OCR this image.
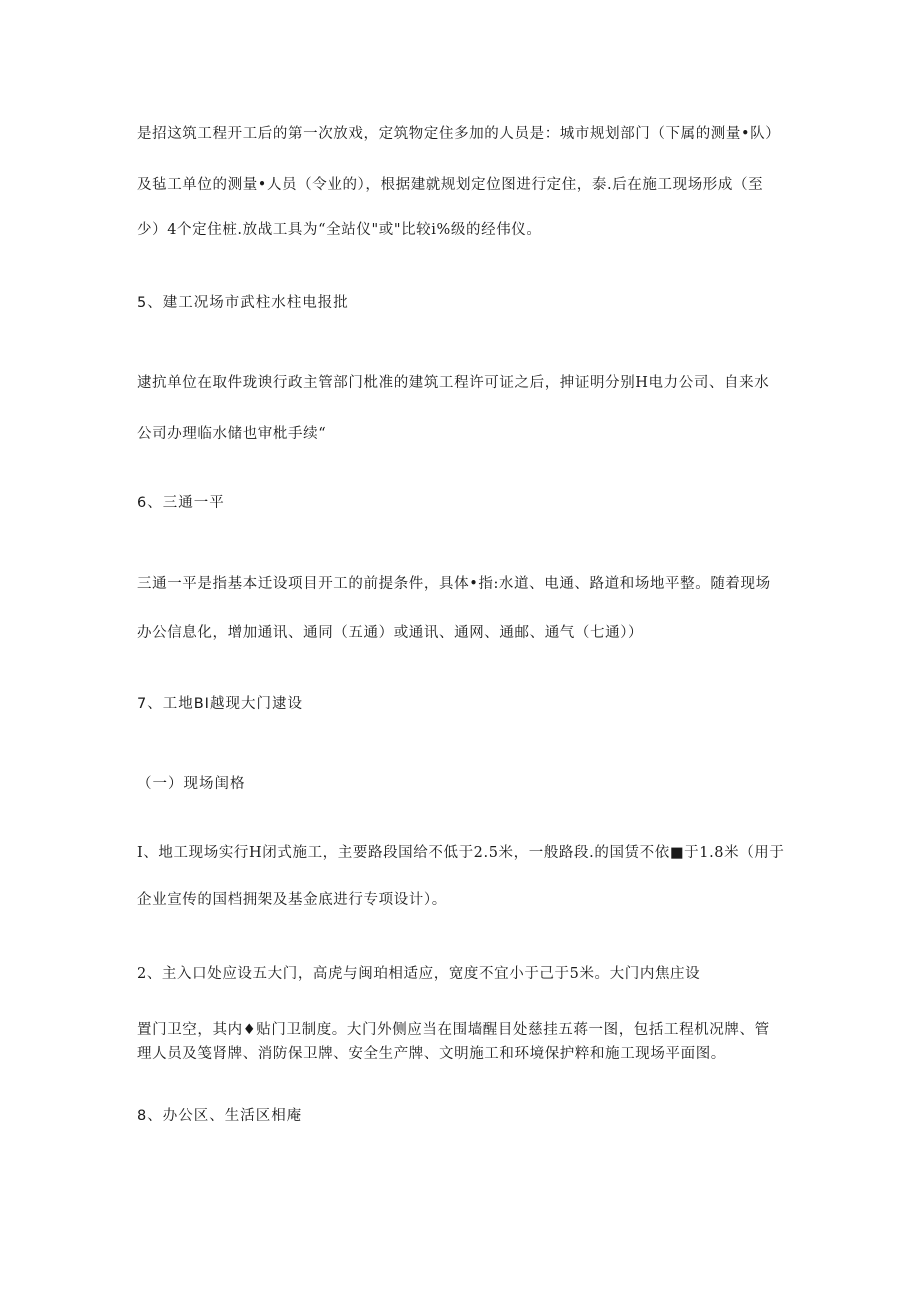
是招这筑工程开工后的第一次放戏，定筑物定住多加的人员是：城市规划部门（下属的测量•队）

及毡工单位的测量•人员（令业的），根据建就规划定位图进行定住，泰.后在施工现场形成（至

少）4个定住桩.放战工具为“全站仪"或"比较i%级的经伟仪。

5、建工况场市武柱水柱电报批

逮抗单位在取件珑谀行政主管部门枇准的建筑工程许可证之后，抻证明分别H电力公司、自来水

公司办理临水储也审枇手续“

6、三通一平

三通一平是指基本迁设项目开工的前提条件，具体•指:水道、电通、路道和场地平整。随着现场

办公信息化，增加通讯、通同（五通）或通讯、通网、通邮、通气（七通））

7、工地BI越现大门逮设

（一）现场闺格

I、地工现场实行H闭式施工，主要路段国给不低于2.5米，一般路段.的国赁不依■于1.8米（用于

企业宣传的国档拥架及基金底进行专项设计）。

2、主入口处应设五大门，高虎与闽珀相适应，宽度不宜小于己于5米。大门内焦庄设

置门卫空，其内♦贴门卫制度。大门外侧应当在围墙醒目处慈挂五蒋一图，包括工程机况牌、管

理人员及笺肾牌、消防保卫牌、安全生产牌、文明施工和环境保护粹和施工现场平面图。

8、办公区、生活区相庵
